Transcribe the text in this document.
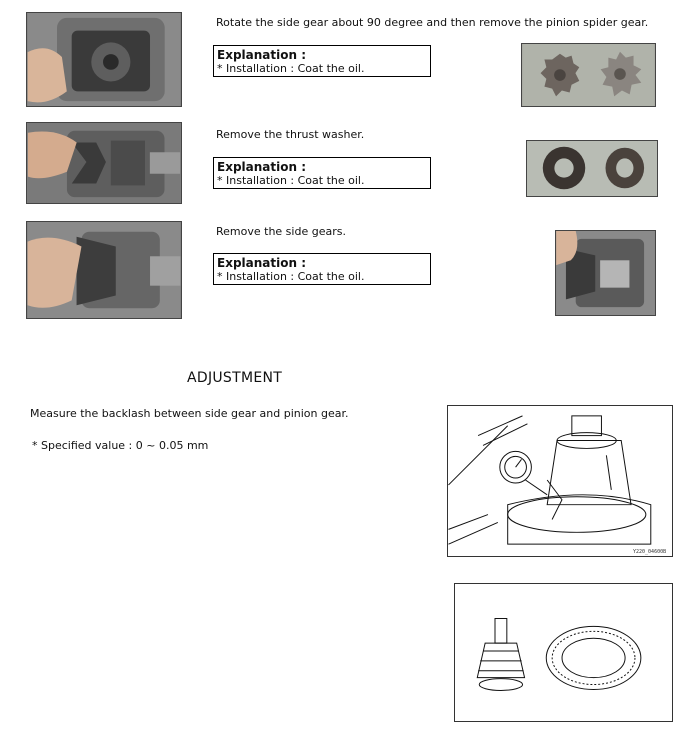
Rotate the side gear about 90 degree and then remove the pinion spider gear.
Explanation :
* Installation : Coat the oil.
Remove the thrust washer.
Explanation :
* Installation : Coat the oil.
Remove the side gears.
Explanation :
* Installation : Coat the oil.
ADJUSTMENT
Measure the backlash between side gear and pinion gear.
* Specified value : 0 ~ 0.05 mm
Y220_04600B
